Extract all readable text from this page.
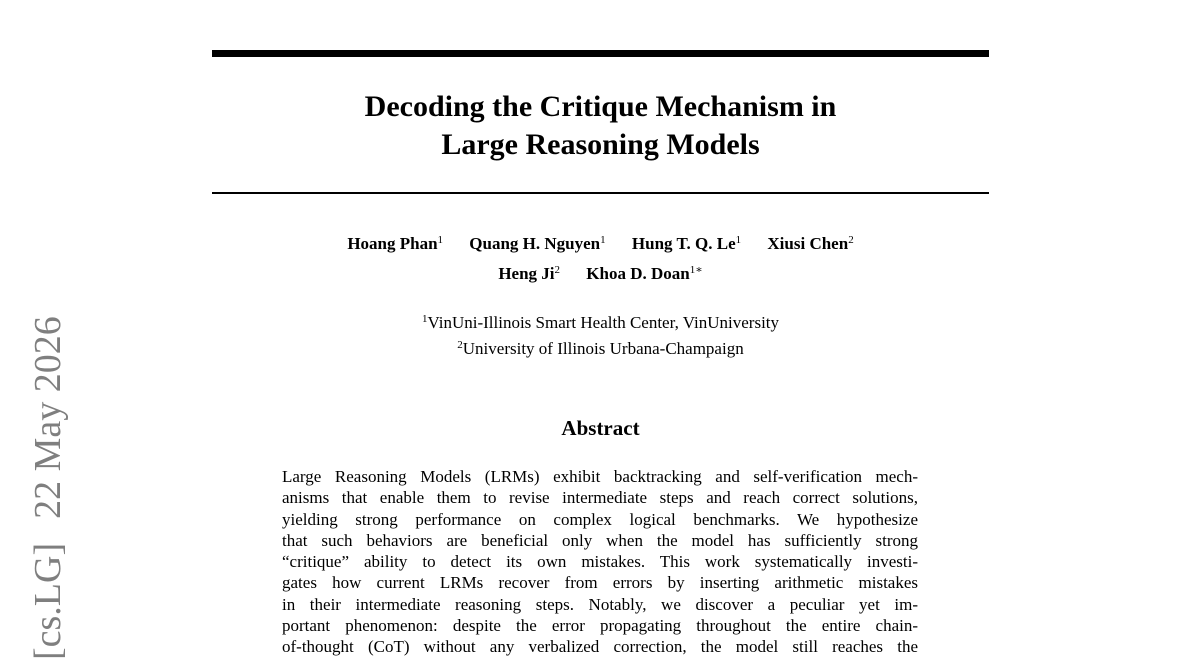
Decoding the Critique Mechanism in
Large Reasoning Models
Hoang Phan$^1$ Quang H. Nguyen$^1$ Hung T. Q. Le$^1$ Xiusi Chen$^2$
Heng Ji$^2$ Khoa D. Doan$^{1∗}$
$^1$VinUni-Illinois Smart Health Center, VinUniversity
$^2$University of Illinois Urbana-Champaign
Abstract
Large Reasoning Models (LRMs) exhibit backtracking and self-verification mech-
anisms that enable them to revise intermediate steps and reach correct solutions,
yielding strong performance on complex logical benchmarks. We hypothesize
that such behaviors are beneficial only when the model has sufficiently strong
“critique” ability to detect its own mistakes. This work systematically investi-
gates how current LRMs recover from errors by inserting arithmetic mistakes
in their intermediate reasoning steps. Notably, we discover a peculiar yet im-
portant phenomenon: despite the error propagating throughout the entire chain-
of-thought (CoT) without any verbalized correction, the model still reaches the
[cs.LG]22 May 2026
